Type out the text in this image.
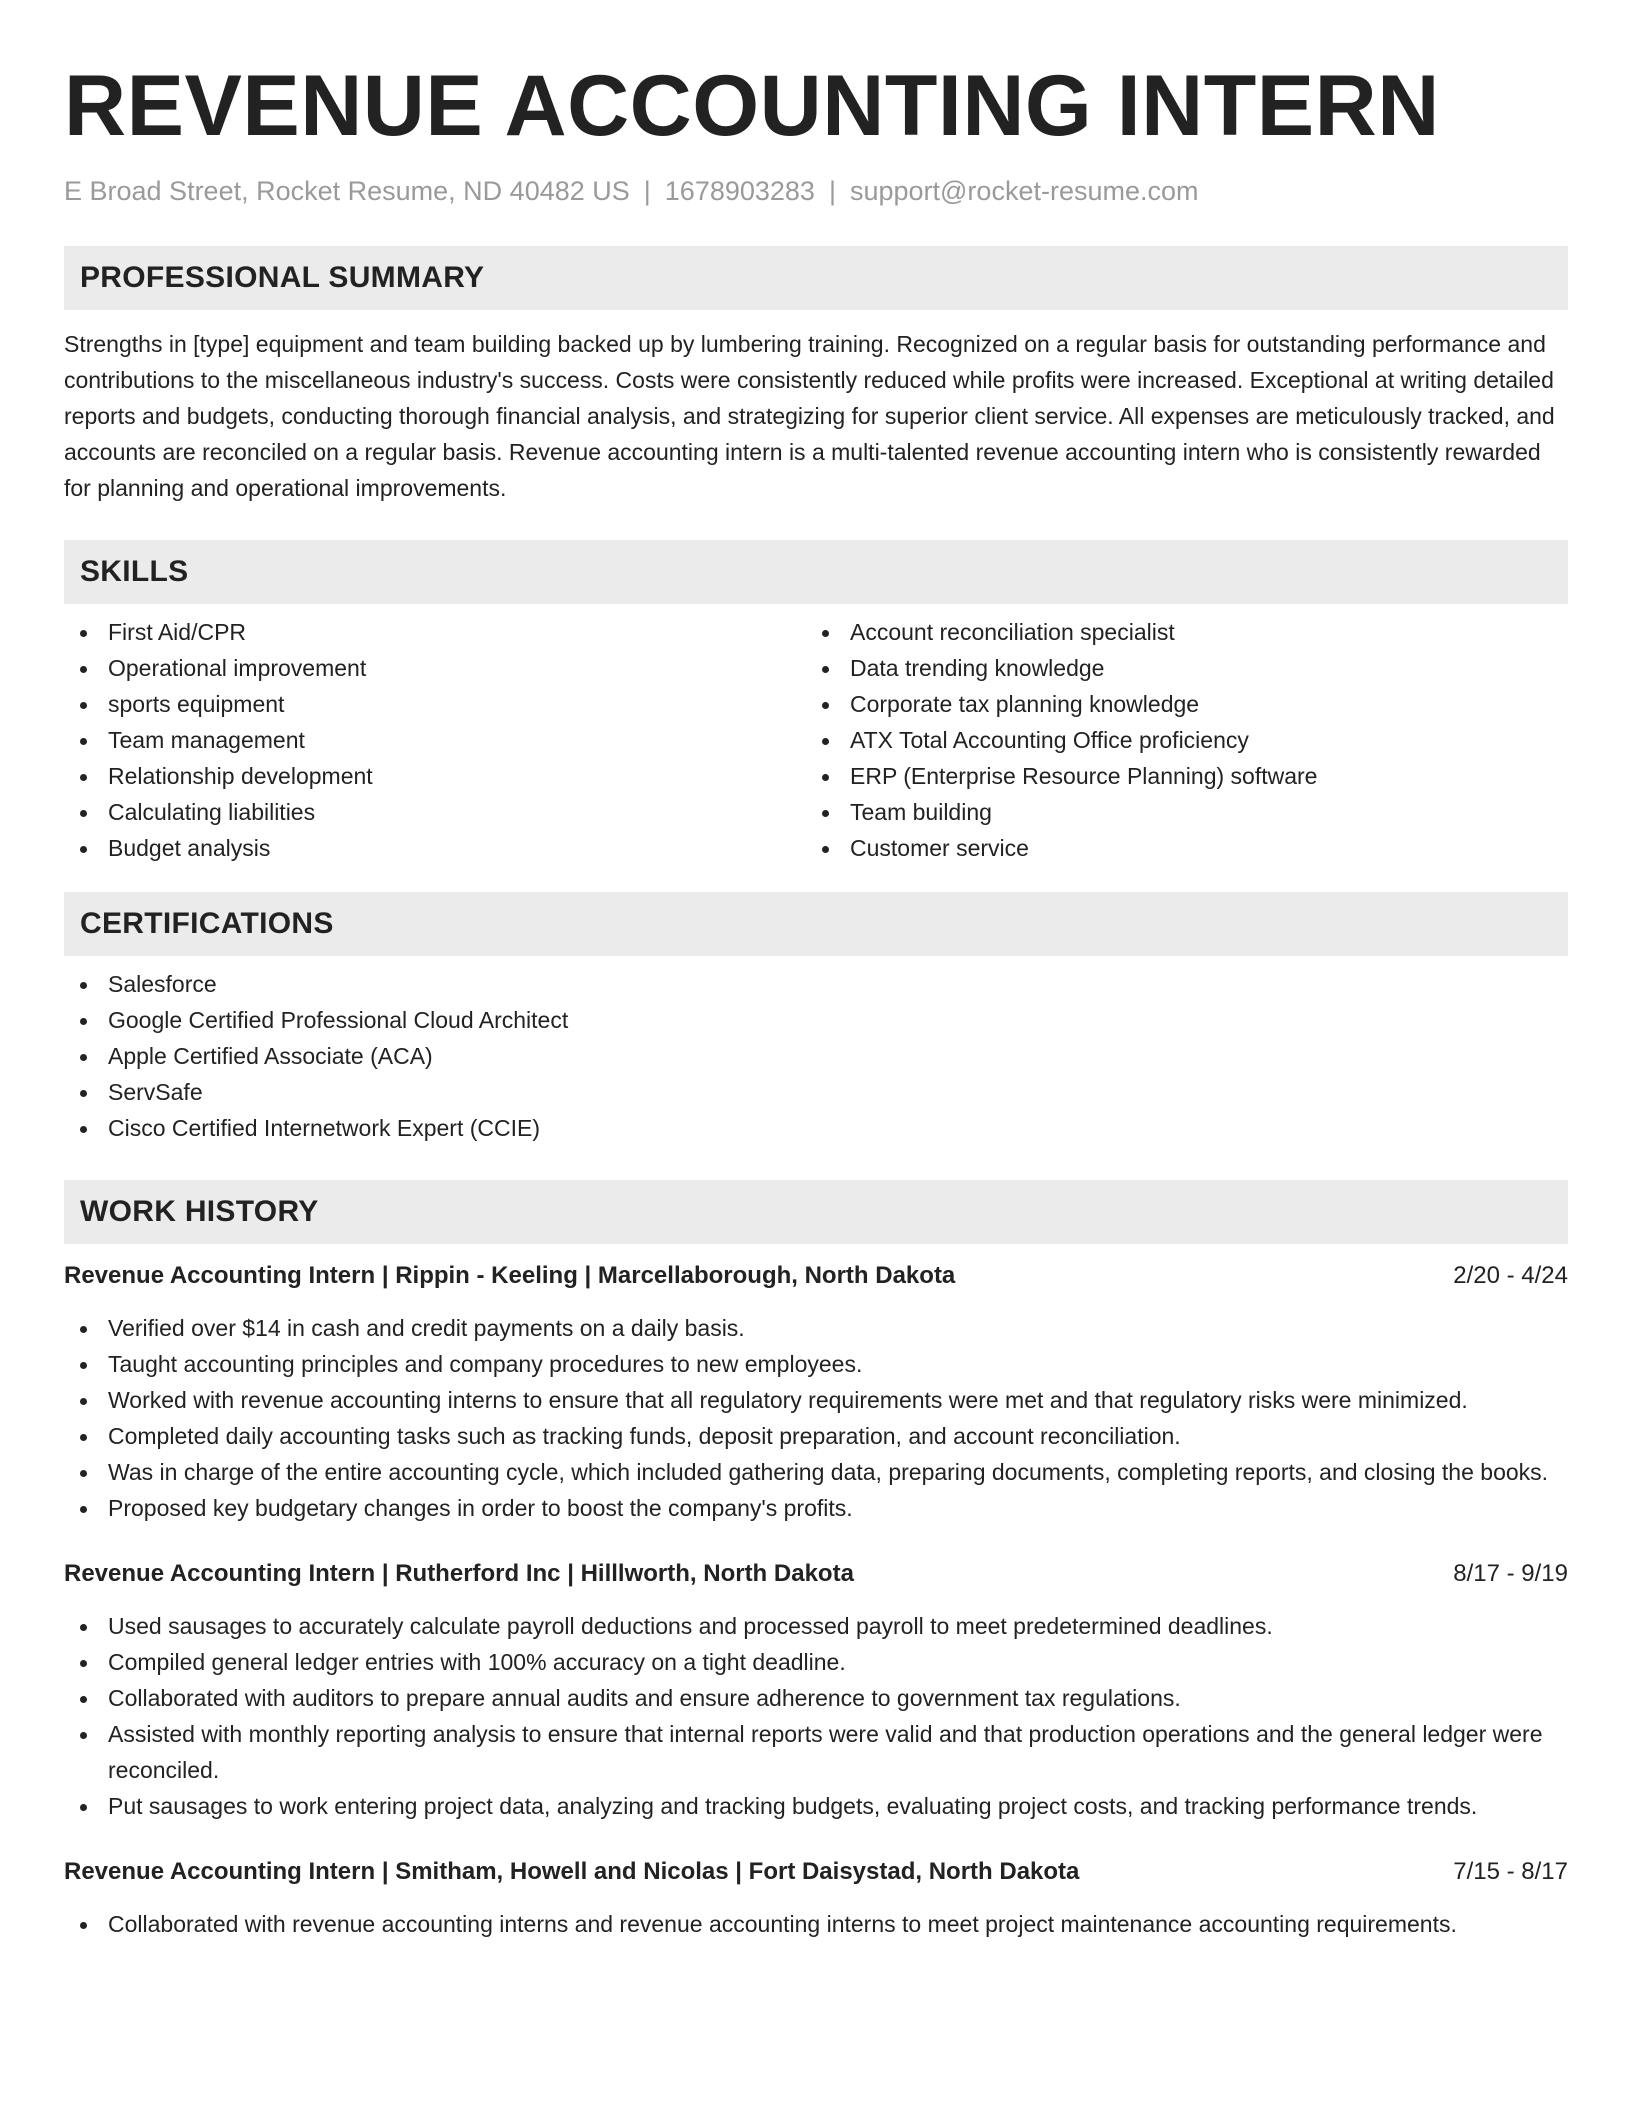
REVENUE ACCOUNTING INTERN
E Broad Street, Rocket Resume, ND 40482 US | 1678903283 | support@rocket-resume.com
PROFESSIONAL SUMMARY

Strengths in [type] equipment and team building backed up by lumbering training. Recognized on a regular basis for outstanding performance and contributions to the miscellaneous industry's success. Costs were consistently reduced while profits were increased. Exceptional at writing detailed reports and budgets, conducting thorough financial analysis, and strategizing for superior client service. All expenses are meticulously tracked, and accounts are reconciled on a regular basis. Revenue accounting intern is a multi-talented revenue accounting intern who is consistently rewarded for planning and operational improvements.

SKILLS
First Aid/CPR
Operational improvement
sports equipment
Team management
Relationship development
Calculating liabilities
Budget analysis
Account reconciliation specialist
Data trending knowledge
Corporate tax planning knowledge
ATX Total Accounting Office proficiency
ERP (Enterprise Resource Planning) software
Team building
Customer service
CERTIFICATIONS
Salesforce
Google Certified Professional Cloud Architect
Apple Certified Associate (ACA)
ServSafe
Cisco Certified Internetwork Expert (CCIE)
WORK HISTORY
Revenue Accounting Intern | Rippin - Keeling | Marcellaborough, North Dakota	2/20 - 4/24
Verified over $14 in cash and credit payments on a daily basis.
Taught accounting principles and company procedures to new employees.
Worked with revenue accounting interns to ensure that all regulatory requirements were met and that regulatory risks were minimized.
Completed daily accounting tasks such as tracking funds, deposit preparation, and account reconciliation.
Was in charge of the entire accounting cycle, which included gathering data, preparing documents, completing reports, and closing the books.
Proposed key budgetary changes in order to boost the company's profits.
Revenue Accounting Intern | Rutherford Inc | Hilllworth, North Dakota	8/17 - 9/19
Used sausages to accurately calculate payroll deductions and processed payroll to meet predetermined deadlines.
Compiled general ledger entries with 100% accuracy on a tight deadline.
Collaborated with auditors to prepare annual audits and ensure adherence to government tax regulations.
Assisted with monthly reporting analysis to ensure that internal reports were valid and that production operations and the general ledger were reconciled.
Put sausages to work entering project data, analyzing and tracking budgets, evaluating project costs, and tracking performance trends.
Revenue Accounting Intern | Smitham, Howell and Nicolas | Fort Daisystad, North Dakota	7/15 - 8/17
Collaborated with revenue accounting interns and revenue accounting interns to meet project maintenance accounting requirements.
